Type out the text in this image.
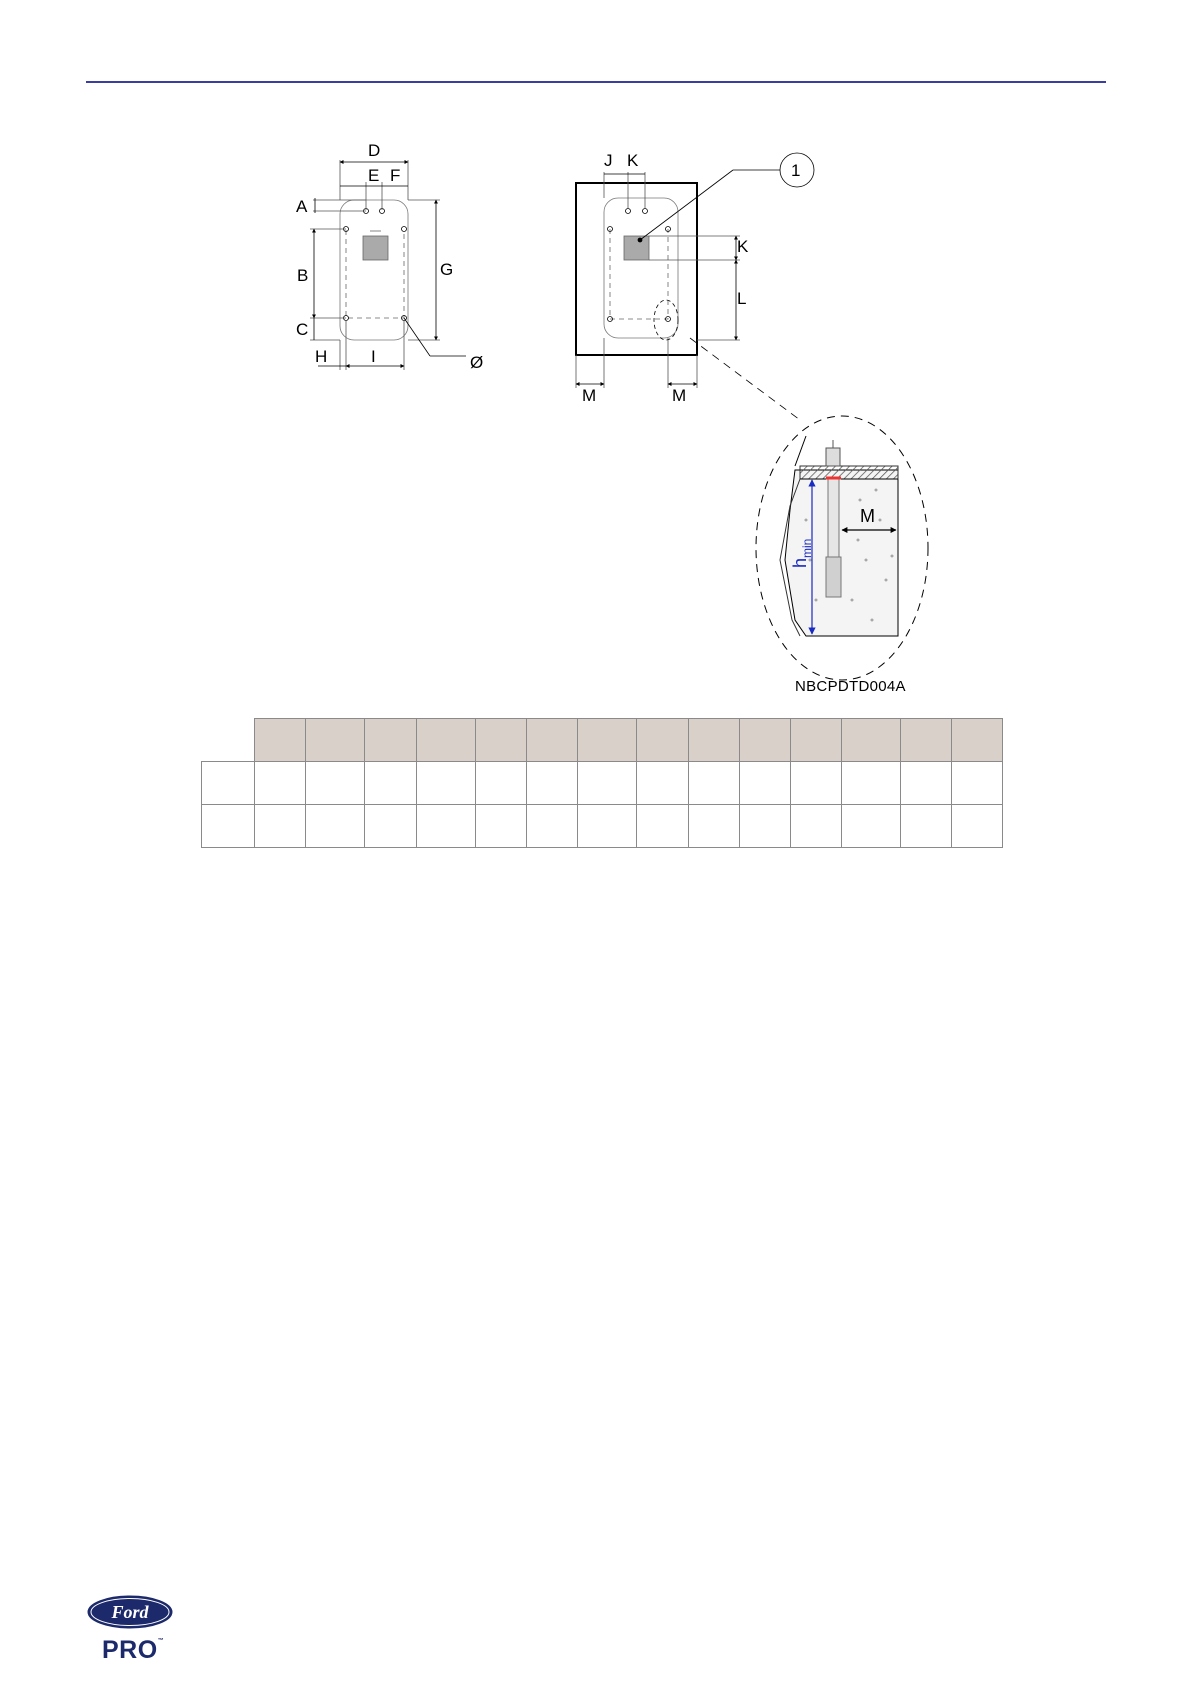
D
E F
A
B
C
G
H	I	Ø
J K
K
L
M	M
1
M
$h_{min}$
NBCPDTD004A

Ford
PRO™
